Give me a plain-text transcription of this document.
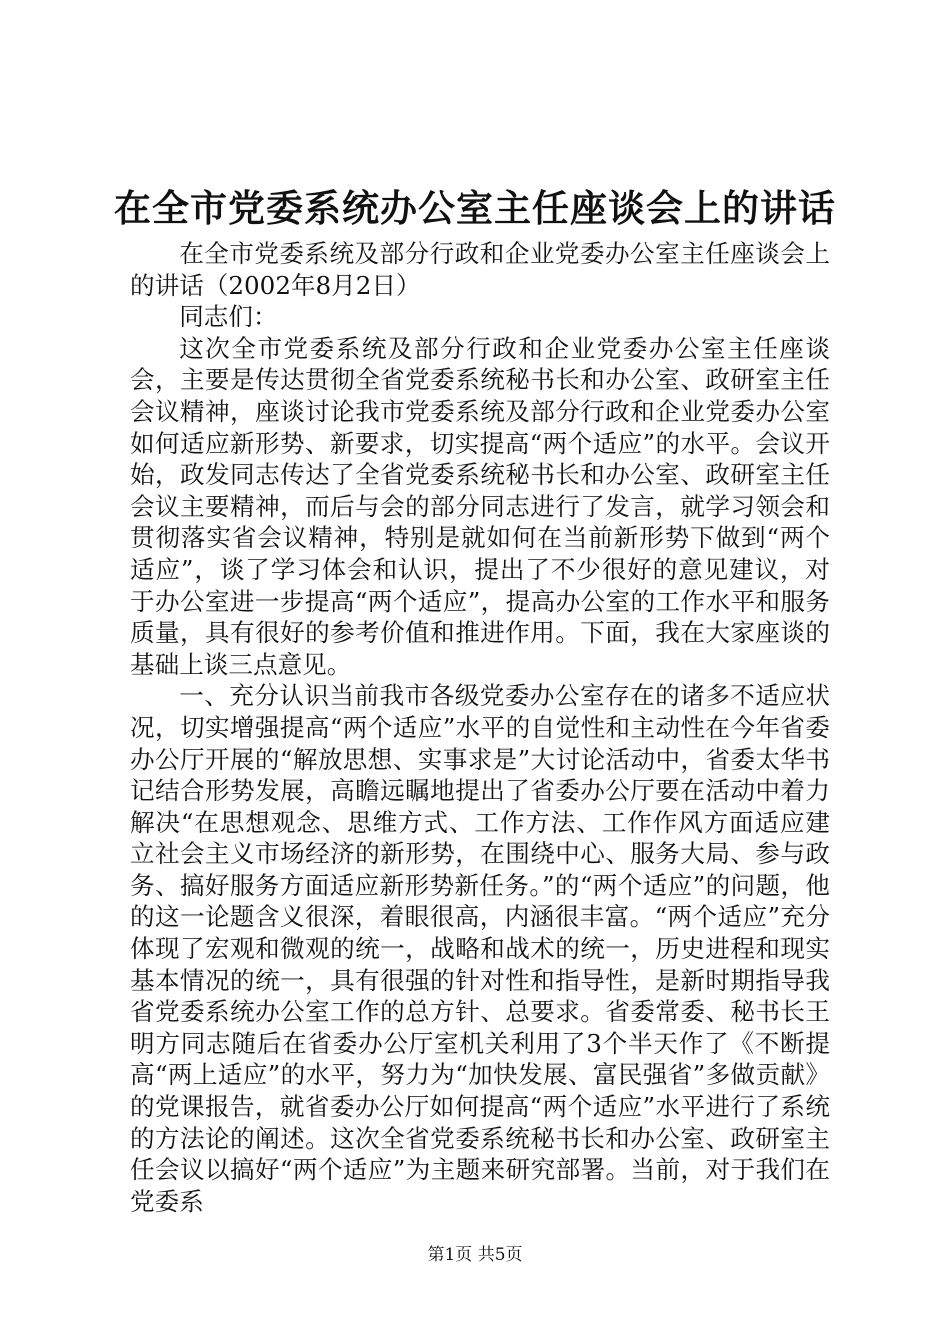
在全市党委系统办公室主任座谈会上的讲话

在全市党委系统及部分行政和企业党委办公室主任座谈会上的讲话（2002年8月2日）

同志们：

这次全市党委系统及部分行政和企业党委办公室主任座谈会，主要是传达贯彻全省党委系统秘书长和办公室、政研室主任会议精神，座谈讨论我市党委系统及部分行政和企业党委办公室如何适应新形势、新要求，切实提高“两个适应”的水平。会议开始，政发同志传达了全省党委系统秘书长和办公室、政研室主任会议主要精神，而后与会的部分同志进行了发言，就学习领会和贯彻落实省会议精神，特别是就如何在当前新形势下做到“两个适应”，谈了学习体会和认识，提出了不少很好的意见建议，对于办公室进一步提高“两个适应”，提高办公室的工作水平和服务质量，具有很好的参考价值和推进作用。下面，我在大家座谈的基础上谈三点意见。

一、充分认识当前我市各级党委办公室存在的诸多不适应状况，切实增强提高“两个适应”水平的自觉性和主动性在今年省委办公厅开展的“解放思想、实事求是”大讨论活动中，省委太华书记结合形势发展，高瞻远瞩地提出了省委办公厅要在活动中着力解决“在思想观念、思维方式、工作方法、工作作风方面适应建立社会主义市场经济的新形势，在围绕中心、服务大局、参与政务、搞好服务方面适应新形势新任务。”的“两个适应”的问题，他的这一论题含义很深，着眼很高，内涵很丰富。“两个适应”充分体现了宏观和微观的统一，战略和战术的统一，历史进程和现实基本情况的统一，具有很强的针对性和指导性，是新时期指导我省党委系统办公室工作的总方针、总要求。省委常委、秘书长王明方同志随后在省委办公厅室机关利用了3个半天作了《不断提高“两上适应”的水平，努力为“加快发展、富民强省”多做贡献》的党课报告，就省委办公厅如何提高“两个适应”水平进行了系统的方法论的阐述。这次全省党委系统秘书长和办公室、政研室主任会议以搞好“两个适应”为主题来研究部署。当前，对于我们在党委系

第1页 共5页
